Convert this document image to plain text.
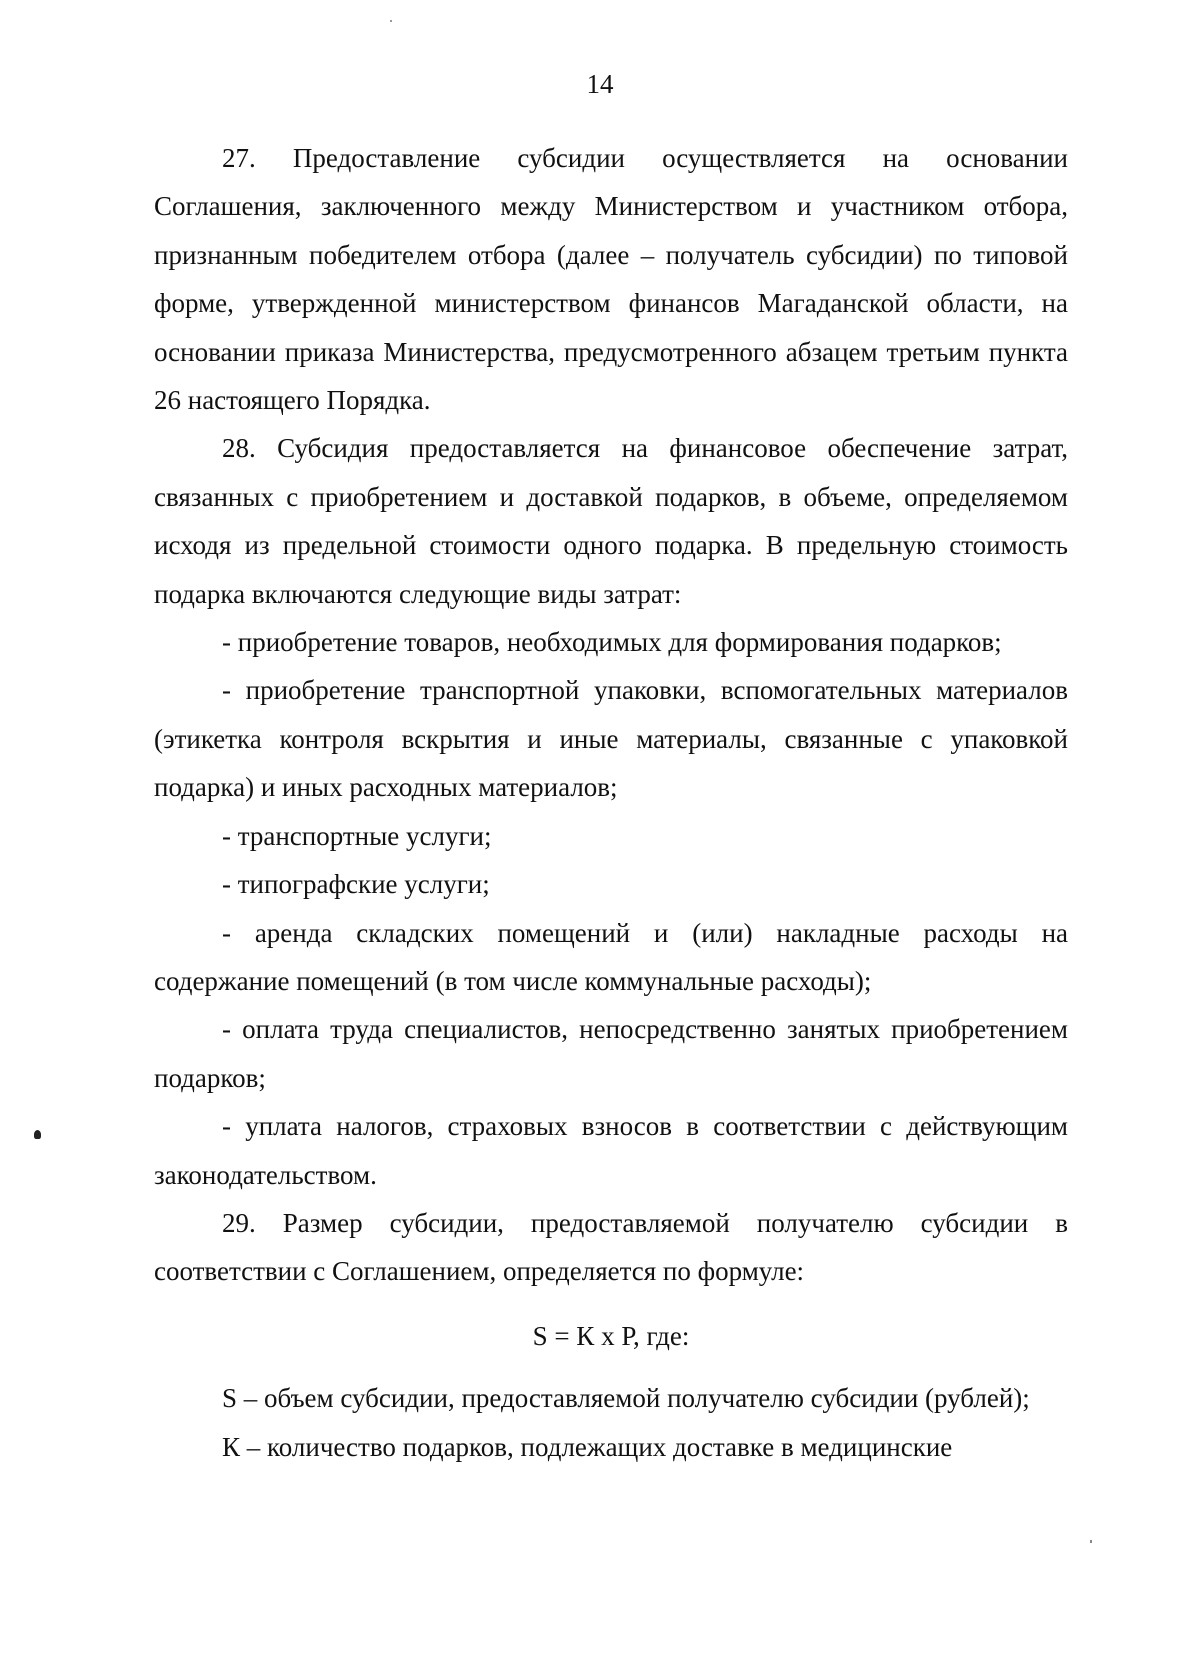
14

27. Предоставление субсидии осуществляется на основании Соглашения, заключенного между Министерством и участником отбора, признанным победителем отбора (далее – получатель субсидии) по типовой форме, утвержденной министерством финансов Магаданской области, на основании приказа Министерства, предусмотренного абзацем третьим пункта 26 настоящего Порядка.

28. Субсидия предоставляется на финансовое обеспечение затрат, связанных с приобретением и доставкой подарков, в объеме, определяемом исходя из предельной стоимости одного подарка. В предельную стоимость подарка включаются следующие виды затрат:

- приобретение товаров, необходимых для формирования подарков;

- приобретение транспортной упаковки, вспомогательных материалов (этикетка контроля вскрытия и иные материалы, связанные с упаковкой подарка) и иных расходных материалов;

- транспортные услуги;

- типографские услуги;

- аренда складских помещений и (или) накладные расходы на содержание помещений (в том числе коммунальные расходы);

- оплата труда специалистов, непосредственно занятых приобретением подарков;

- уплата налогов, страховых взносов в соответствии с действующим законодательством.

29. Размер субсидии, предоставляемой получателю субсидии в соответствии с Соглашением, определяется по формуле:

S = К х Р, где:

S – объем субсидии, предоставляемой получателю субсидии (рублей);

К – количество подарков, подлежащих доставке в медицинские
